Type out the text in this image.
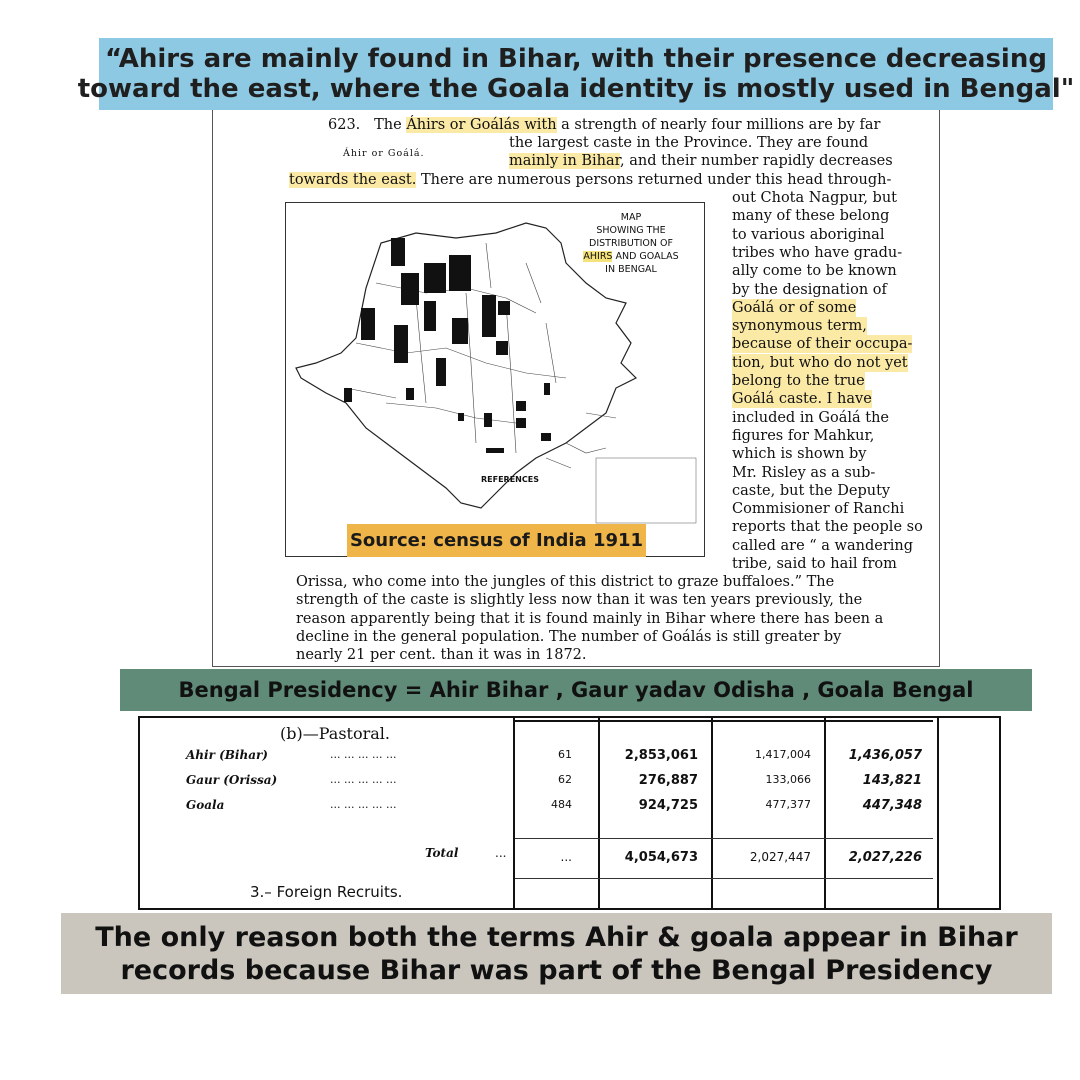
“Ahirs are mainly found in Bihar, with their presence decreasing
toward the east, where the Goala identity is mostly used in Bengal"
623. The Áhirs or Goálás with a strength of nearly four millions are by far
the largest caste in the Province. They are found
Áhir or Goálá.	mainly in Bihar, and their number rapidly decreases
towards the east. There are numerous persons returned under this head through-
out Chota Nagpur, but
many of these belong
to various aboriginal
tribes who have gradu-
ally come to be known
by the designation of
Goálá or of some
synonymous term,
because of their occupa-
tion, but who do not yet
belong to the true
Goálá caste. I have
included in Goálá the
figures for Mahkur,
which is shown by
Mr. Risley as a sub-
caste, but the Deputy
Commisioner of Ranchi
reports that the people so
called are “ a wandering
tribe, said to hail from
MAP
SHOWING THE DISTRIBUTION OF
AHIRS AND GOALAS
IN BENGAL
REFERENCES
Source: census of India 1911
Orissa, who come into the jungles of this district to graze buffaloes.” The
strength of the caste is slightly less now than it was ten years previously, the
reason apparently being that it is found mainly in Bihar where there has been a
decline in the general population. The number of Goálás is still greater by
nearly 21 per cent. than it was in 1872.
Bengal Presidency = Ahir Bihar , Gaur yadav Odisha , Goala Bengal
(b)—Pastoral.
Ahir (Bihar)	... ... ... ... ...	61	2,853,061	1,417,004	1,436,057
Gaur (Orissa)	... ... ... ... ...	62	276,887	133,066	143,821
Goala	... ... ... ... ...	484	924,725	477,377	447,348
Total	...	...	4,054,673	2,027,447	2,027,226
3.– Foreign Recruits.
The only reason both the terms Ahir & goala appear in Bihar
records because Bihar was part of the Bengal Presidency
